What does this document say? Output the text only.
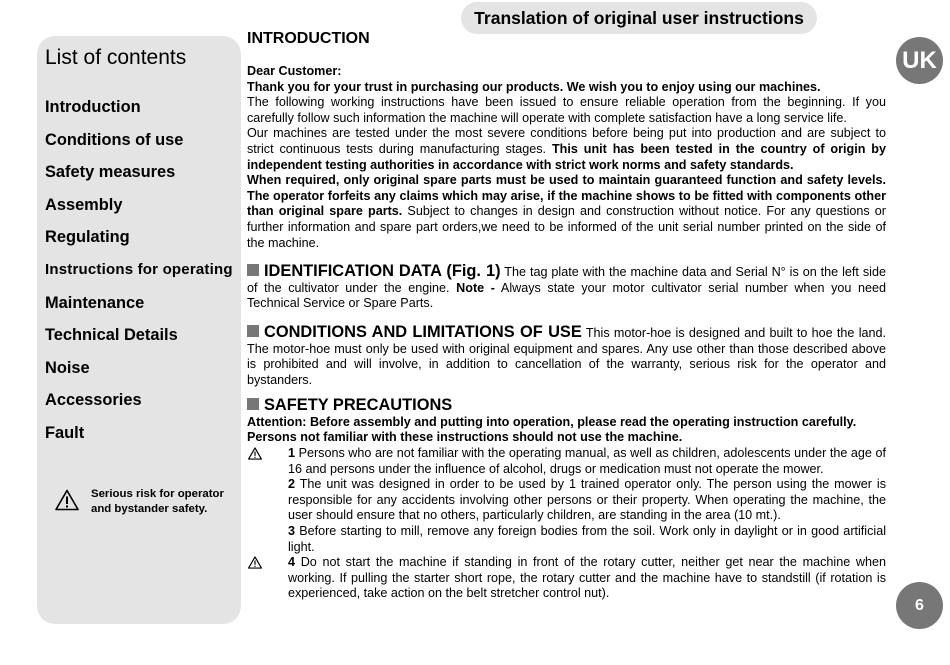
Translation of original user instructions
List of contents
Introduction
Conditions of use
Safety measures
Assembly
Regulating
Instructions for operating
Maintenance
Technical Details
Noise
Accessories
Fault
Serious risk for operator and bystander safety.
UK
INTRODUCTION

Dear Customer:

Thank you for your trust in purchasing our products. We wish you to enjoy using our machines.

The following working instructions have been issued to ensure reliable operation from the beginning. If you carefully follow such information the machine will operate with complete satisfaction have a long service life.

Our machines are tested under the most severe conditions before being put into production and are subject to strict continuous tests during manufacturing stages. This unit has been tested in the country of origin by independent testing authorities in accordance with strict work norms and safety standards.

When required, only original spare parts must be used to maintain guaranteed function and safety levels. The operator forfeits any claims which may arise, if the machine shows to be fitted with components other than original spare parts. Subject to changes in design and construction without notice. For any questions or further information and spare part orders,we need to be informed of the unit serial number printed on the side of the machine.

IDENTIFICATION DATA (Fig. 1) The tag plate with the machine data and Serial N° is on the left side of the cultivator under the engine. Note - Always state your motor cultivator serial number when you need Technical Service or Spare Parts.

CONDITIONS AND LIMITATIONS OF USE This motor-hoe is designed and built to hoe the land. The motor-hoe must only be used with original equipment and spares. Any use other than those described above is prohibited and will involve, in addition to cancellation of the warranty, serious risk for the operator and bystanders.

SAFETY PRECAUTIONS

Attention: Before assembly and putting into operation, please read the operating instruction carefully. Persons not familiar with these instructions should not use the machine.

1 Persons who are not familiar with the operating manual, as well as children, adolescents under the age of 16 and persons under the influence of alcohol, drugs or medication must not operate the mower.

2 The unit was designed in order to be used by 1 trained operator only. The person using the mower is responsible for any accidents involving other persons or their property. When operating the machine, the user should ensure that no others, particularly children, are standing in the area (10 mt.).

3 Before starting to mill, remove any foreign bodies from the soil. Work only in daylight or in good artificial light.

4 Do not start the machine if standing in front of the rotary cutter, neither get near the machine when working. If pulling the starter short rope, the rotary cutter and the machine have to standstill (if rotation is experienced, take action on the belt stretcher control nut).

6
